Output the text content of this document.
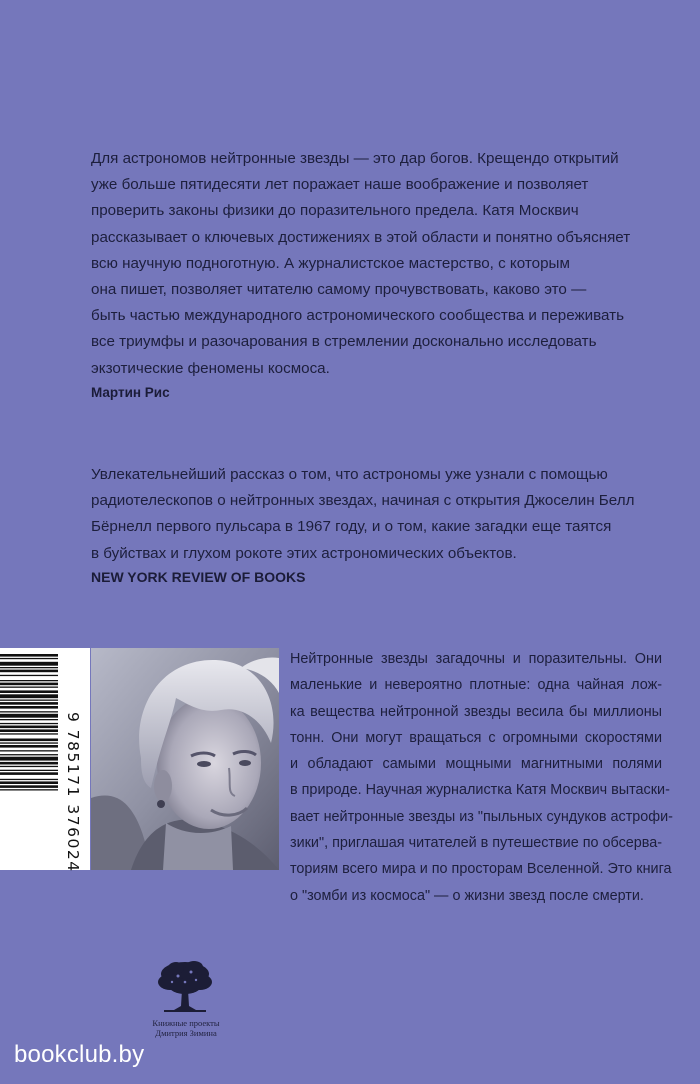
Для астрономов нейтронные звезды — это дар богов. Крещендо открытий
уже больше пятидесяти лет поражает наше воображение и позволяет
проверить законы физики до поразительного предела. Катя Москвич
рассказывает о ключевых достижениях в этой области и понятно объясняет
всю научную подноготную. А журналистское мастерство, с которым
она пишет, позволяет читателю самому прочувствовать, каково это —
быть частью международного астрономического сообщества и переживать
все триумфы и разочарования в стремлении досконально исследовать
экзотические феномены космоса.
Мартин Рис
Увлекательнейший рассказ о том, что астрономы уже узнали с помощью
радиотелескопов о нейтронных звездах, начиная с открытия Джоселин Белл
Бёрнелл первого пульсара в 1967 году, и о том, какие загадки еще таятся
в буйствах и глухом рокоте этих астрономических объектов.
NEW YORK REVIEW OF BOOKS
9 785171 376024
Нейтронные звезды загадочны и поразительны. Они
маленькие и невероятно плотные: одна чайная лож-
ка вещества нейтронной звезды весила бы миллионы
тонн. Они могут вращаться с огромными скоростями
и обладают самыми мощными магнитными полями
в природе. Научная журналистка Катя Москвич вытаски-
вает нейтронные звезды из "пыльных сундуков астрофи-
зики", приглашая читателей в путешествие по обсерва-
ториям всего мира и по просторам Вселенной. Это книга
о "зомби из космоса" — о жизни звезд после смерти.
Книжные проекты
Дмитрия Зимина
bookclub.by
